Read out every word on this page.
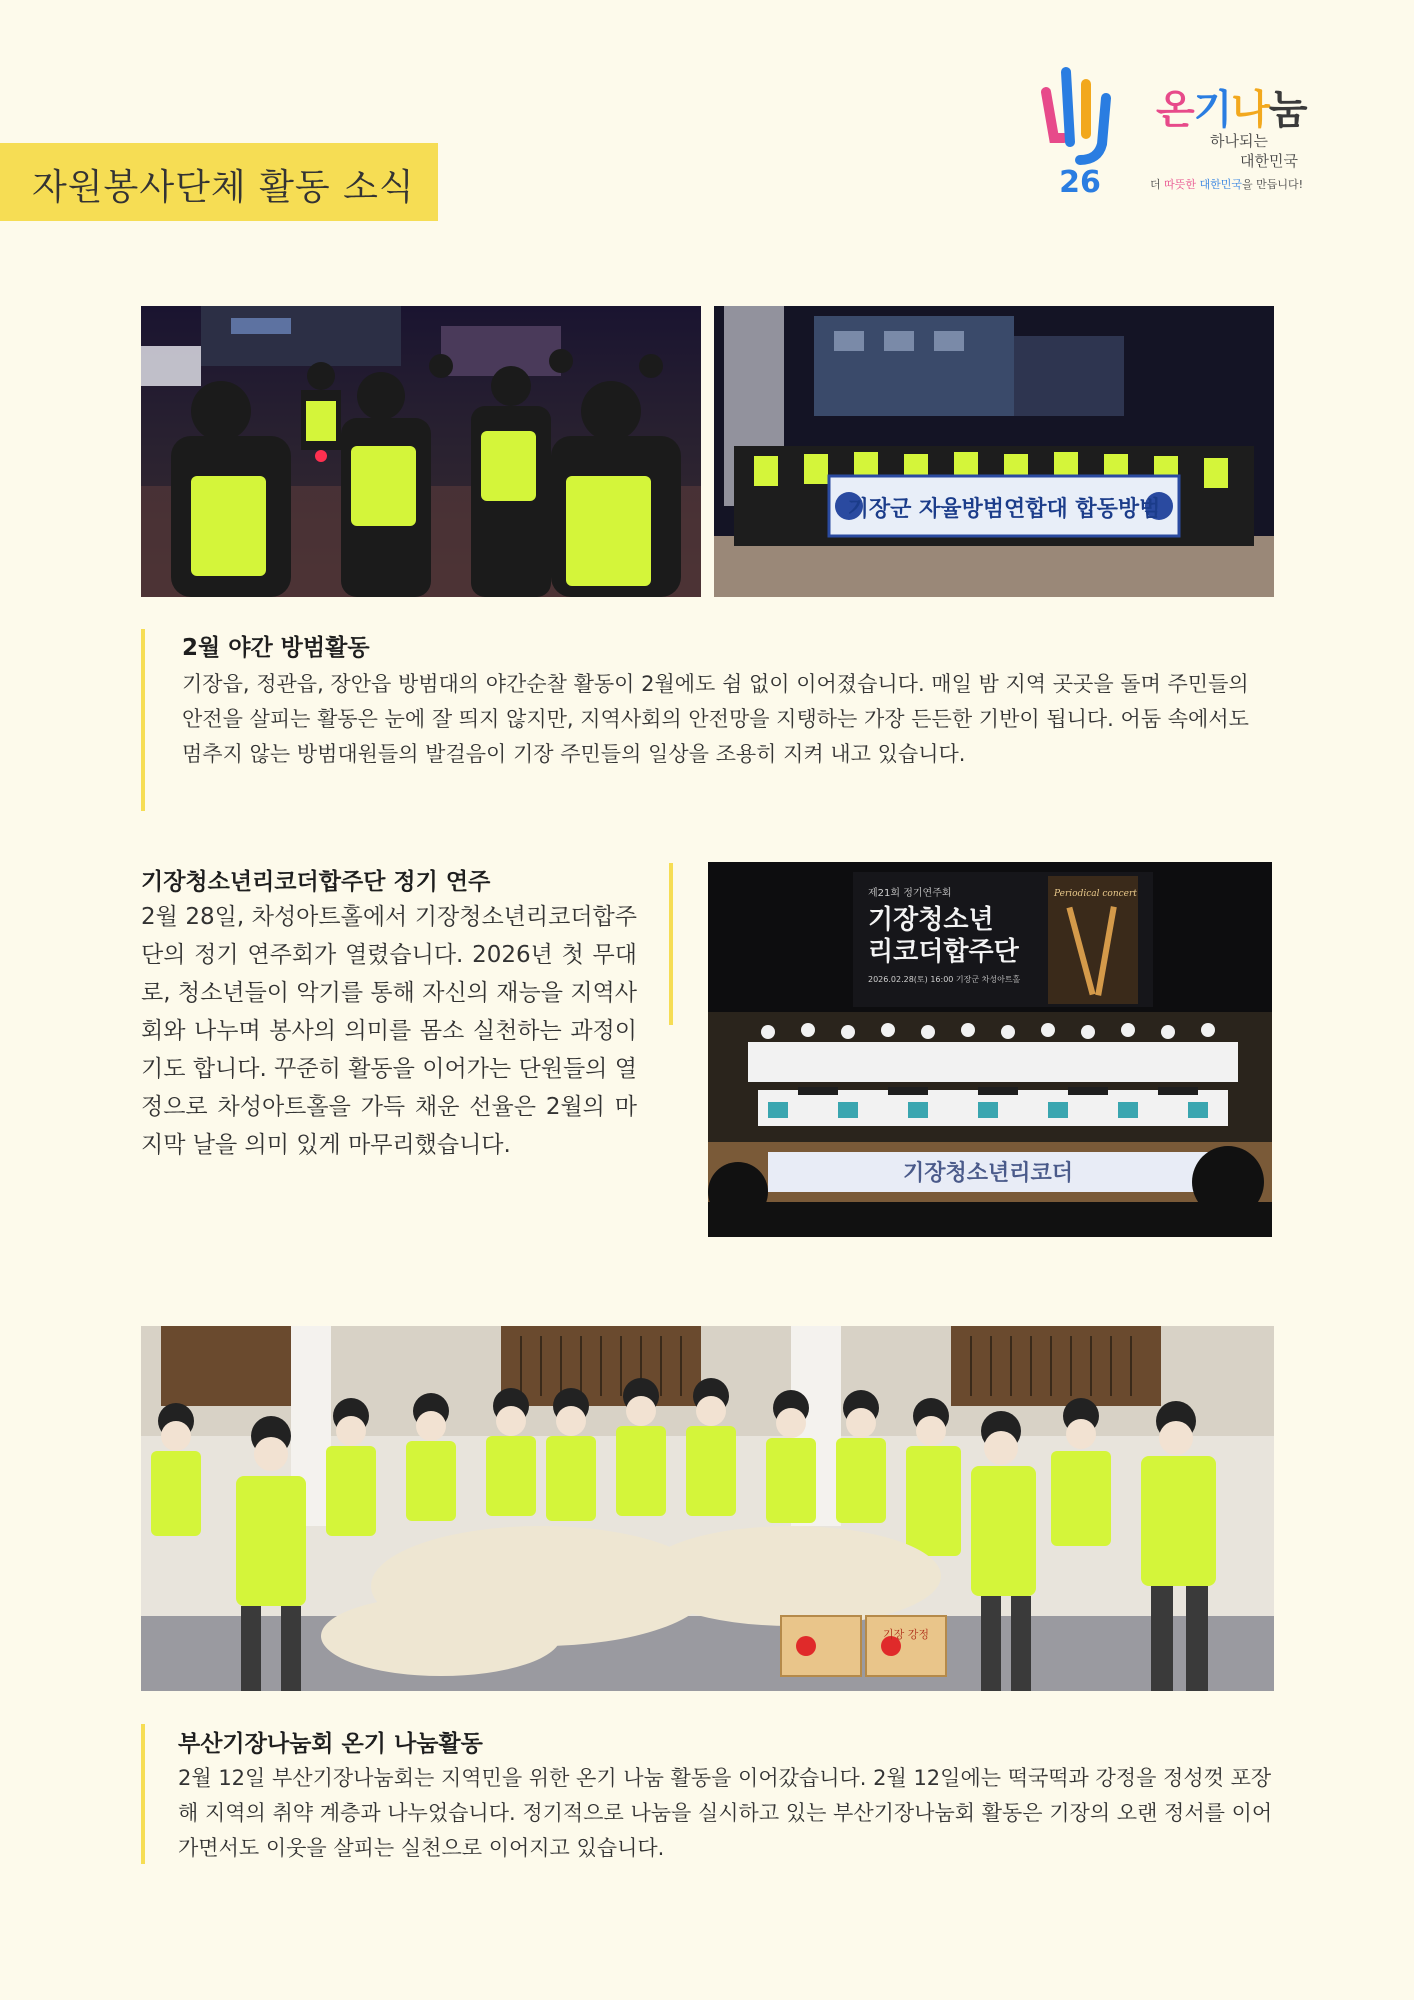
자원봉사단체 활동 소식	26
온기나눔
하나되는
대한민국
더 따뜻한 대한민국을 만듭니다!
기장군 자율방범연합대 합동방범
2월 야간 방범활동
기장읍, 정관읍, 장안읍 방범대의 야간순찰 활동이 2월에도 쉼 없이 이어졌습니다. 매일 밤 지역 곳곳을 돌며 주민들의 안전을 살피는 활동은 눈에 잘 띄지 않지만, 지역사회의 안전망을 지탱하는 가장 든든한 기반이 됩니다. 어둠 속에서도 멈추지 않는 방범대원들의 발걸음이 기장 주민들의 일상을 조용히 지켜 내고 있습니다.
기장청소년리코더합주단 정기 연주
2월 28일, 차성아트홀에서 기장청소년리코더합주단의 정기 연주회가 열렸습니다. 2026년 첫 무대로, 청소년들이 악기를 통해 자신의 재능을 지역사회와 나누며 봉사의 의미를 몸소 실천하는 과정이기도 합니다. 꾸준히 활동을 이어가는 단원들의 열정으로 차성아트홀을 가득 채운 선율은 2월의 마지막 날을 의미 있게 마무리했습니다.
제21회 정기연주회
기장청소년
리코더합주단
2026.02.28(토) 16:00 기장군 차성아트홀
Periodical concert
기장청소년리코더
기장 강정
부산기장나눔회 온기 나눔활동
2월 12일 부산기장나눔회는 지역민을 위한 온기 나눔 활동을 이어갔습니다. 2월 12일에는 떡국떡과 강정을 정성껏 포장해 지역의 취약 계층과 나누었습니다. 정기적으로 나눔을 실시하고 있는 부산기장나눔회 활동은 기장의 오랜 정서를 이어가면서도 이웃을 살피는 실천으로 이어지고 있습니다.
